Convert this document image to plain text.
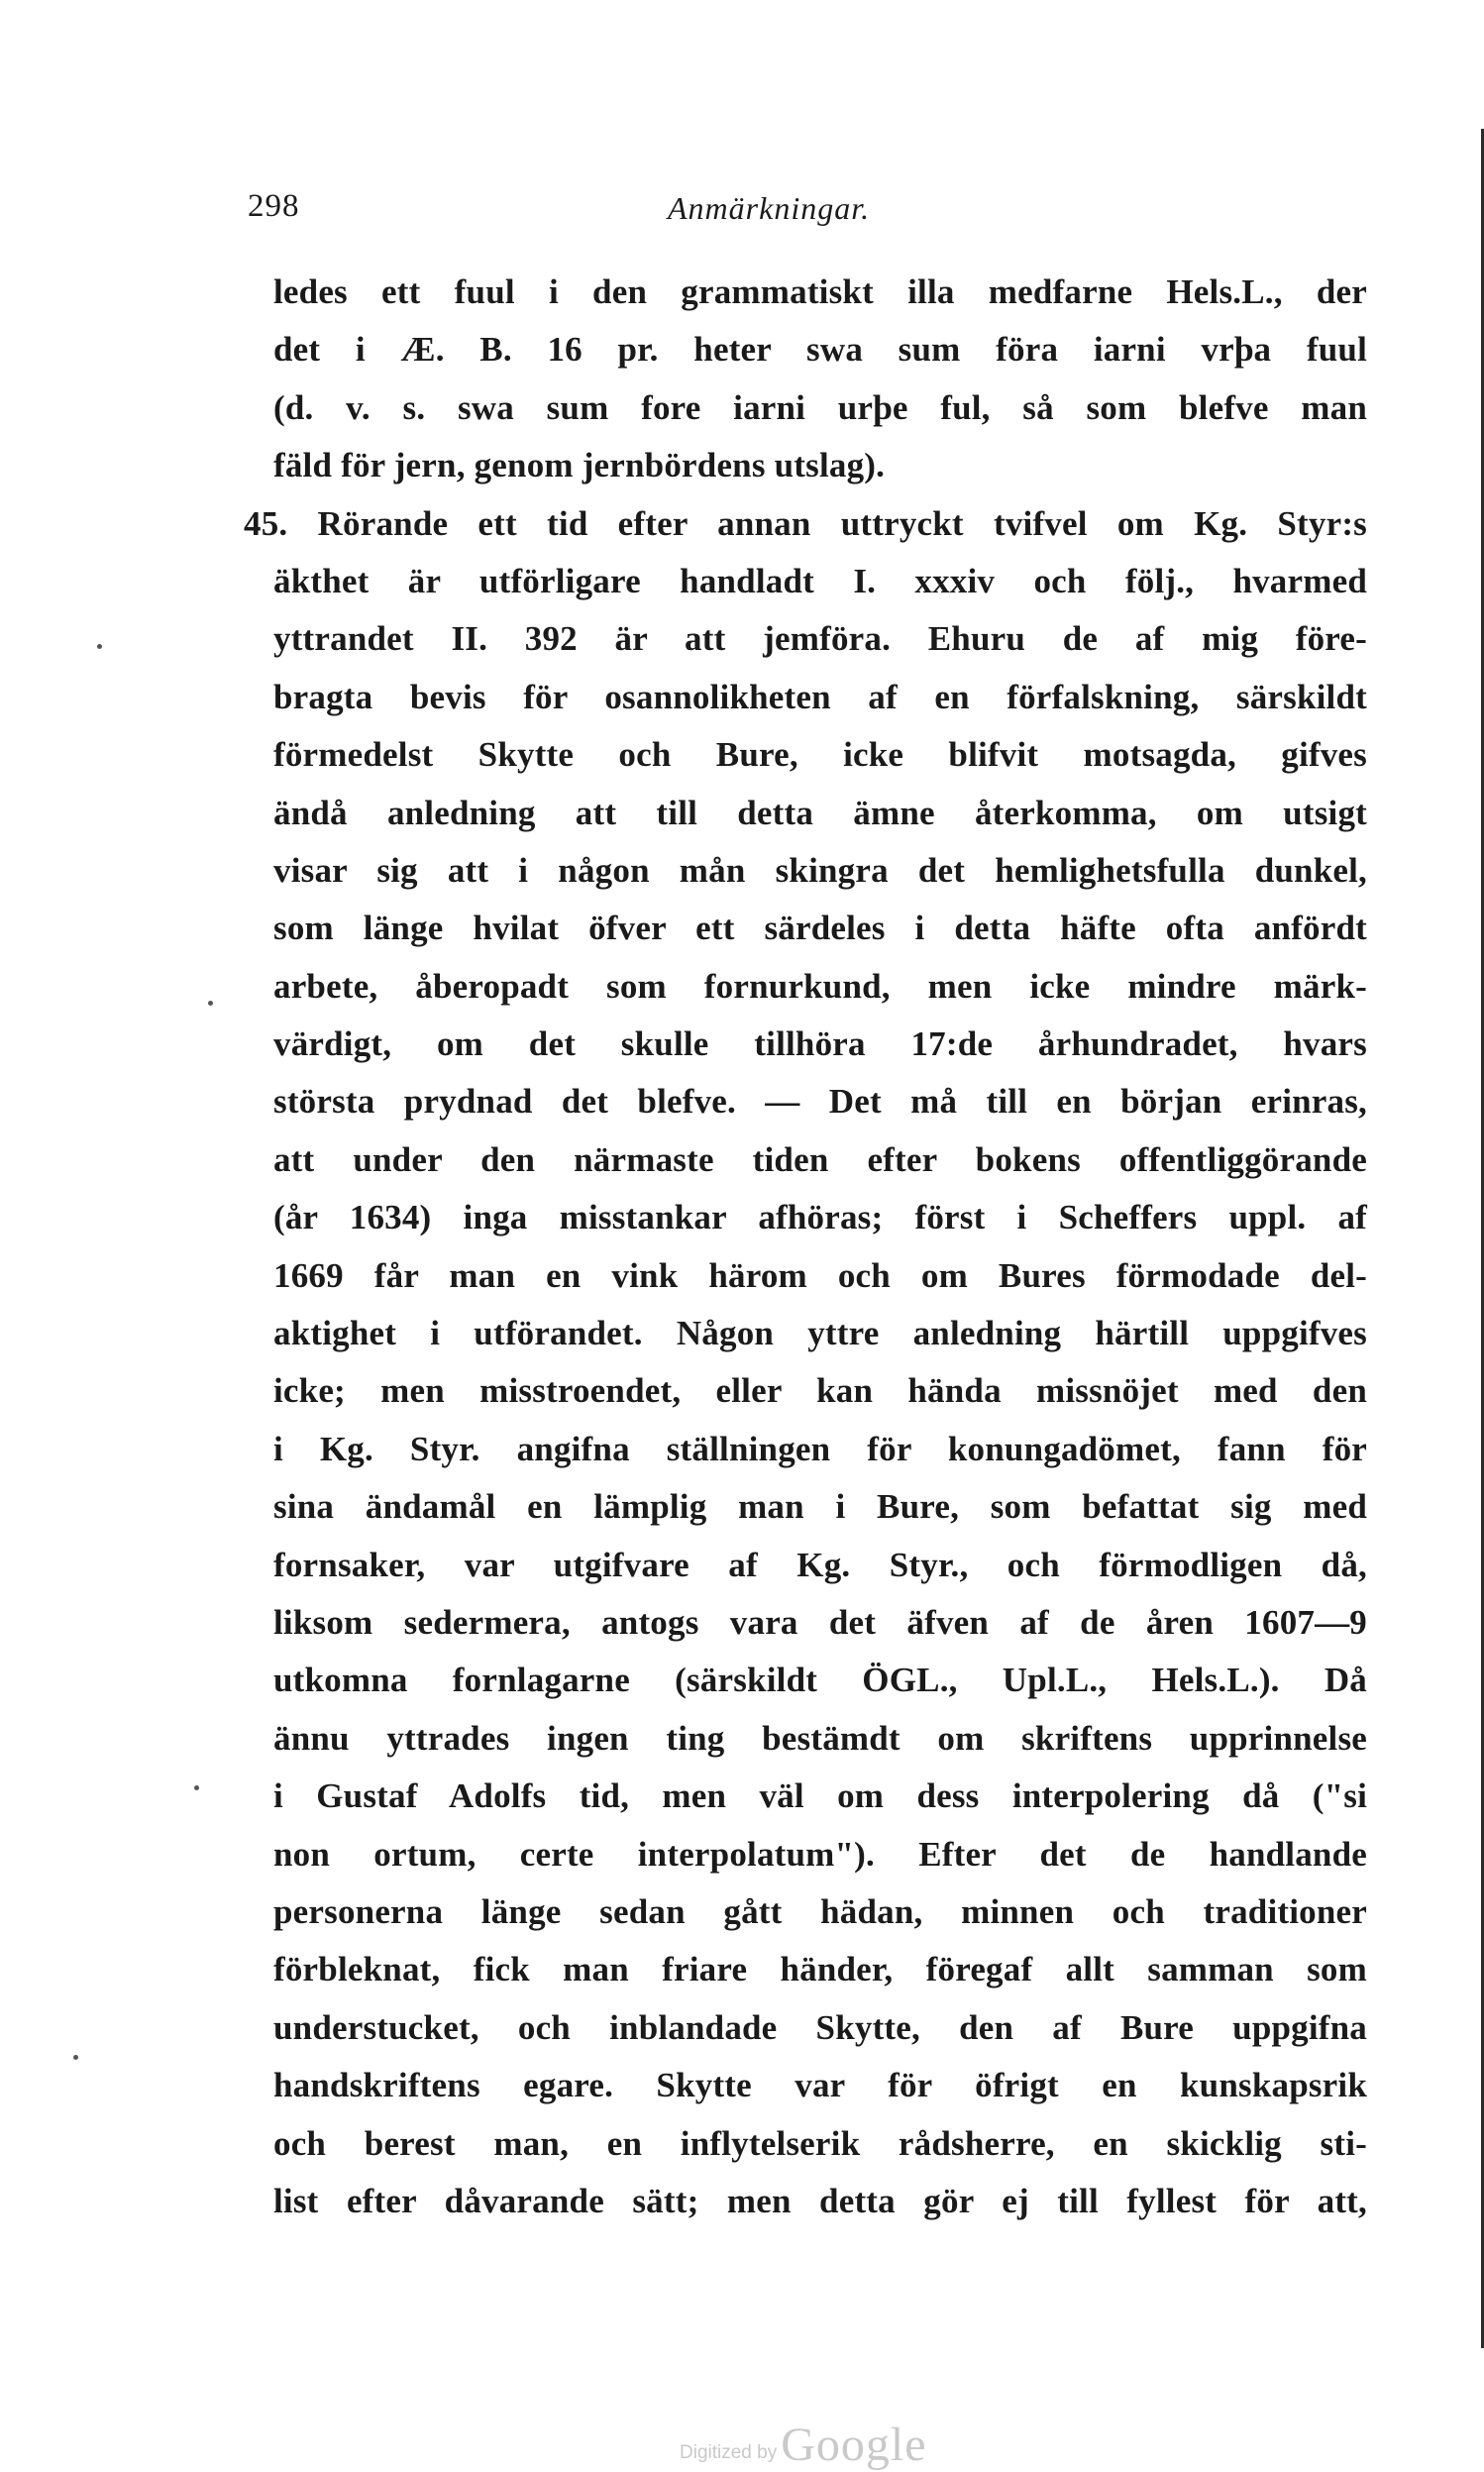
298	Anmärkningar.
ledes ett fuul i den grammatiskt illa medfarne Hels.L., der
det i Æ. B. 16 pr. heter swa sum föra iarni vrþa fuul
(d. v. s. swa sum fore iarni urþe ful, så som blefve man
fäld för jern, genom jernbördens utslag).
45. Rörande ett tid efter annan uttryckt tvifvel om Kg. Styr:s
äkthet är utförligare handladt I. xxxiv och följ., hvarmed
yttrandet II. 392 är att jemföra. Ehuru de af mig före-
bragta bevis för osannolikheten af en förfalskning, särskildt
förmedelst Skytte och Bure, icke blifvit motsagda, gifves
ändå anledning att till detta ämne återkomma, om utsigt
visar sig att i någon mån skingra det hemlighetsfulla dunkel,
som länge hvilat öfver ett särdeles i detta häfte ofta anfördt
arbete, åberopadt som fornurkund, men icke mindre märk-
värdigt, om det skulle tillhöra 17:de århundradet, hvars
största prydnad det blefve. — Det må till en början erinras,
att under den närmaste tiden efter bokens offentliggörande
(år 1634) inga misstankar afhöras; först i Scheffers uppl. af
1669 får man en vink härom och om Bures förmodade del-
aktighet i utförandet. Någon yttre anledning härtill uppgifves
icke; men misstroendet, eller kan hända missnöjet med den
i Kg. Styr. angifna ställningen för konungadömet, fann för
sina ändamål en lämplig man i Bure, som befattat sig med
fornsaker, var utgifvare af Kg. Styr., och förmodligen då,
liksom sedermera, antogs vara det äfven af de åren 1607—9
utkomna fornlagarne (särskildt ÖGL., Upl.L., Hels.L.). Då
ännu yttrades ingen ting bestämdt om skriftens upprinnelse
i Gustaf Adolfs tid, men väl om dess interpolering då ("si
non ortum, certe interpolatum"). Efter det de handlande
personerna länge sedan gått hädan, minnen och traditioner
förbleknat, fick man friare händer, föregaf allt samman som
understucket, och inblandade Skytte, den af Bure uppgifna
handskriftens egare. Skytte var för öfrigt en kunskapsrik
och berest man, en inflytelserik rådsherre, en skicklig sti-
list efter dåvarande sätt; men detta gör ej till fyllest för att,
Digitized by Google
